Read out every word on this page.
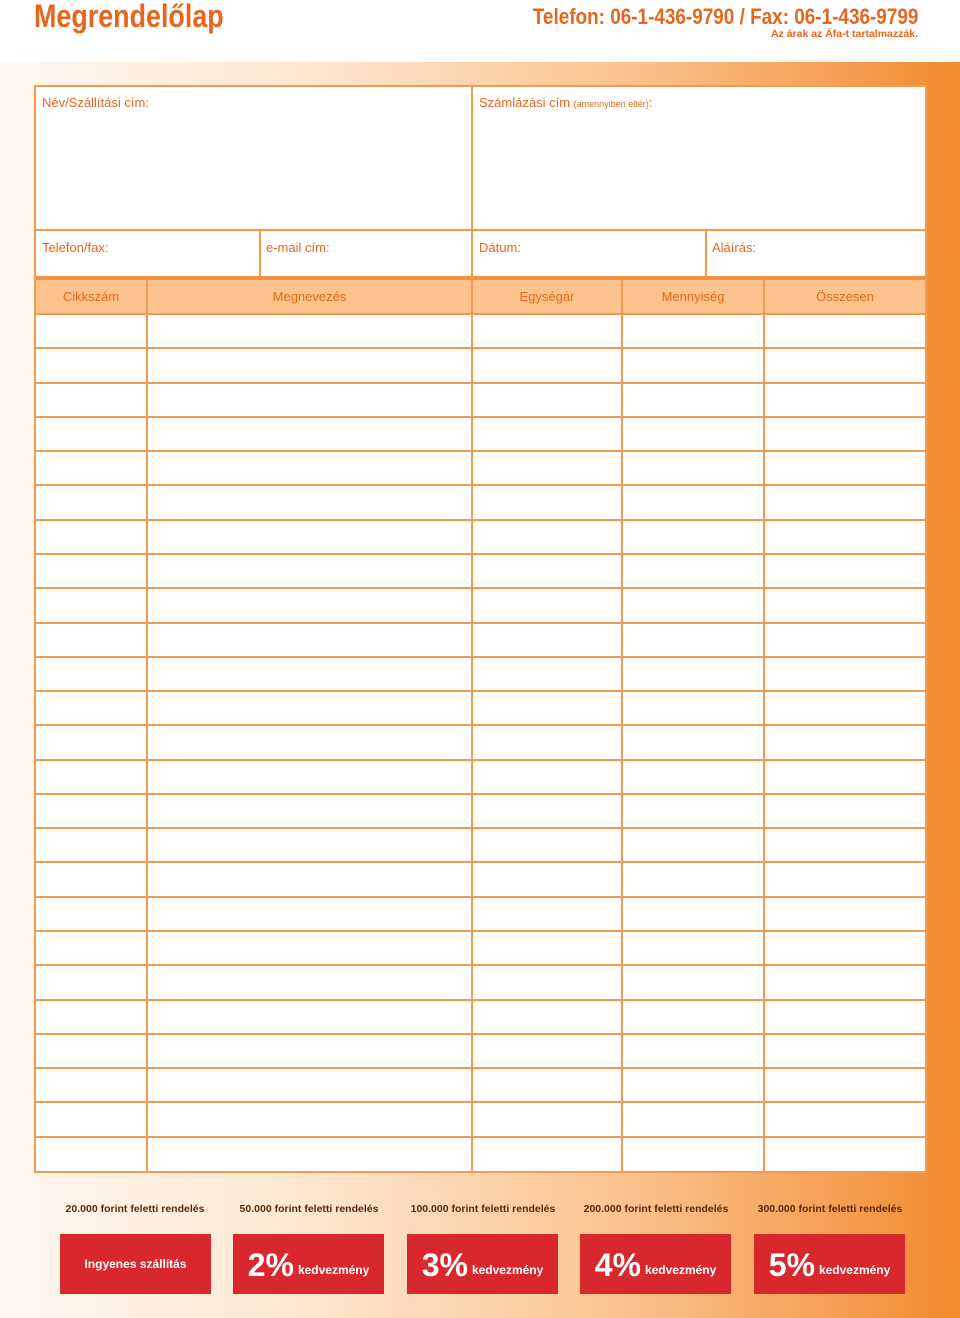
Megrendelőlap	Telefon: 06-1-436-9790 / Fax: 06-1-436-9799
Az árak az Áfa-t tartalmazzák.
Név/Szállítási cím:	Számlázási cím (amennyiben eltér):
Telefon/fax:	e-mail cím:	Dátum:	Aláírás:
Cikkszám	Megnevezés	Egységár	Mennyiség	Összesen
20.000 forint feletti rendelés	50.000 forint feletti rendelés	100.000 forint feletti rendelés	200.000 forint feletti rendelés	300.000 forint feletti rendelés
Ingyenes szállítás 2% kedvezmény 3% kedvezmény 4% kedvezmény 5% kedvezmény
